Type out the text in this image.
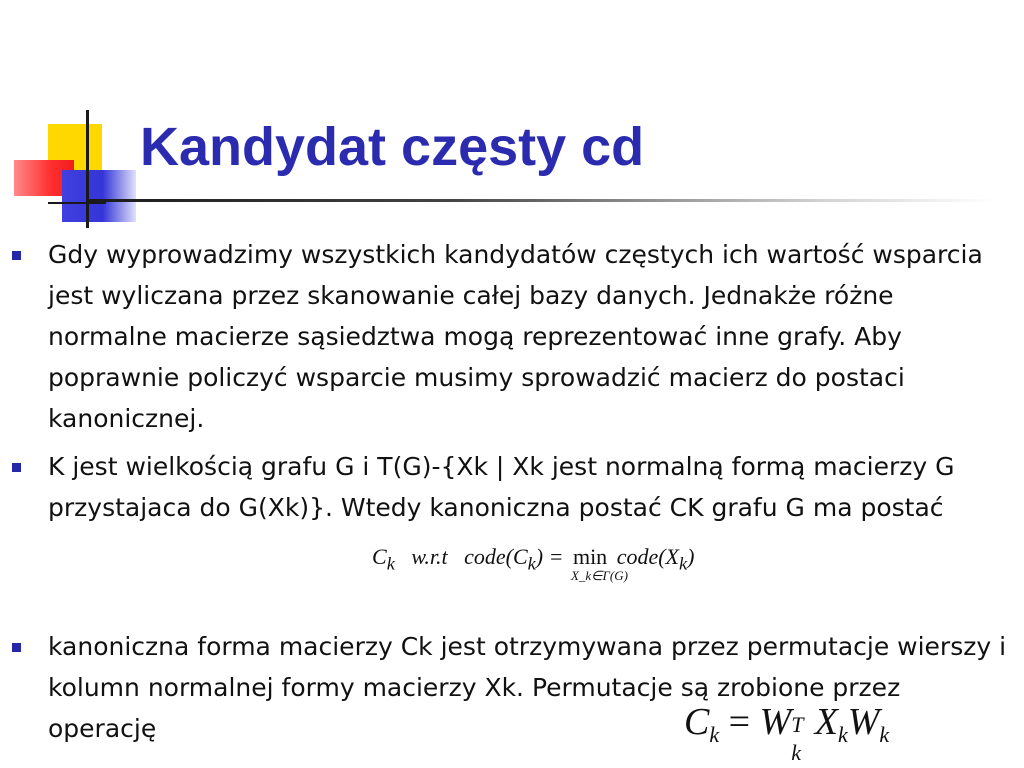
Kandydat częsty cd

Gdy wyprowadzimy wszystkich kandydatów częstych ich wartość wsparcia jest wyliczana przez skanowanie całej bazy danych. Jednakże różne normalne macierze sąsiedztwa mogą reprezentować inne grafy. Aby poprawnie policzyć wsparcie musimy sprowadzić macierz do postaci kanonicznej.

K jest wielkością grafu G i T(G)-{Xk | Xk jest normalną formą macierzy G przystajaca do G(Xk)}. Wtedy kanoniczna postać CK grafu G ma postać

$C_k$ w.r.t $code(C_k) = \min$
X_k∈Γ(G)
$code(X_k)$

kanoniczna forma macierzy Ck jest otrzymywana przez permutacje wierszy i kolumn normalnej formy macierzy Xk. Permutacje są zrobione przez operację	$C_k = W$ T
k
$X_kW_k$
